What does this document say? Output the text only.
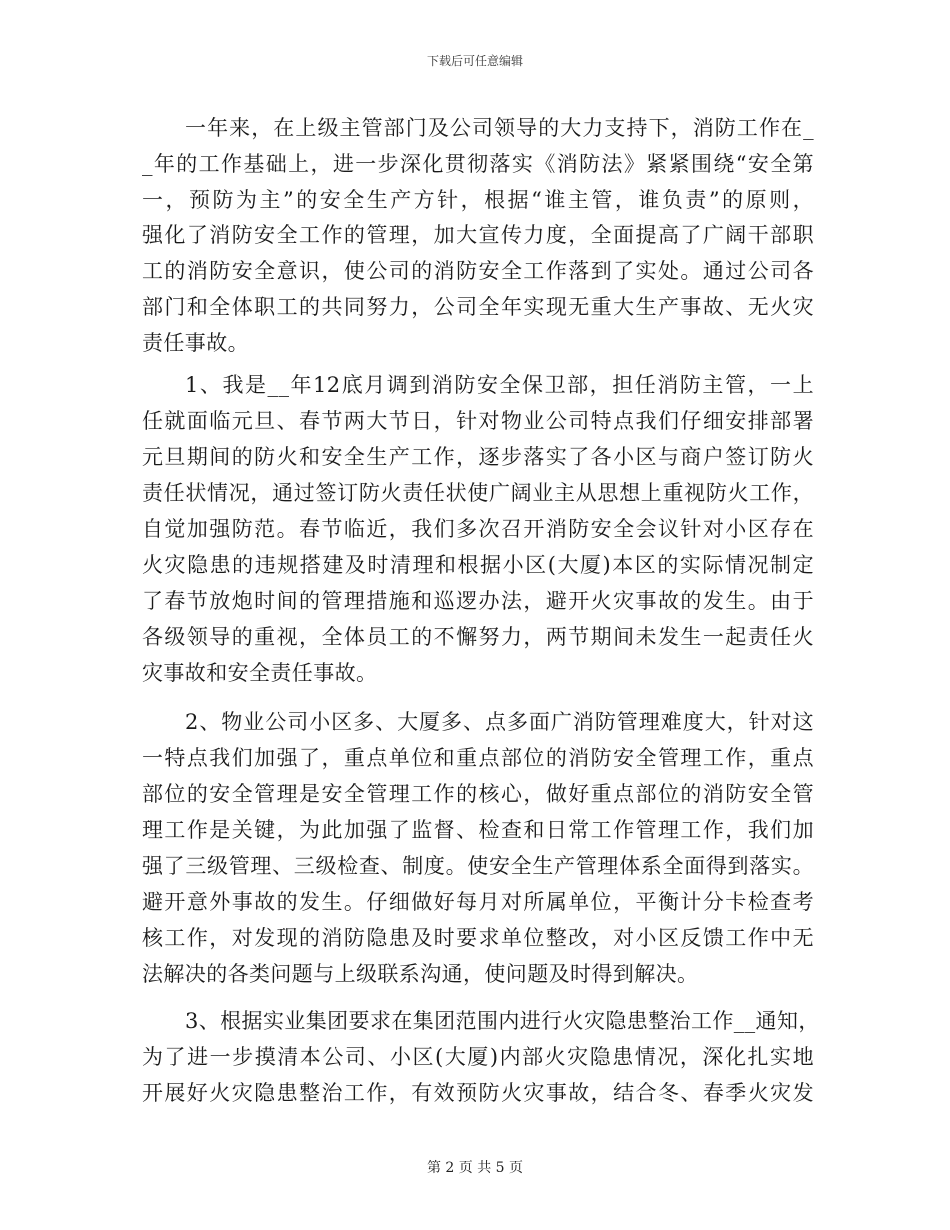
下载后可任意编辑
一年来，在上级主管部门及公司领导的大力支持下，消防工作在_
_年的工作基础上，进一步深化贯彻落实《消防法》紧紧围绕“安全第
一，预防为主”的安全生产方针，根据“谁主管，谁负责”的原则，
强化了消防安全工作的管理，加大宣传力度，全面提高了广阔干部职
工的消防安全意识，使公司的消防安全工作落到了实处。通过公司各
部门和全体职工的共同努力，公司全年实现无重大生产事故、无火灾
责任事故。
1、我是__年12底月调到消防安全保卫部，担任消防主管，一上
任就面临元旦、春节两大节日，针对物业公司特点我们仔细安排部署
元旦期间的防火和安全生产工作，逐步落实了各小区与商户签订防火
责任状情况，通过签订防火责任状使广阔业主从思想上重视防火工作，
自觉加强防范。春节临近，我们多次召开消防安全会议针对小区存在
火灾隐患的违规搭建及时清理和根据小区(大厦)本区的实际情况制定
了春节放炮时间的管理措施和巡逻办法，避开火灾事故的发生。由于
各级领导的重视，全体员工的不懈努力，两节期间未发生一起责任火
灾事故和安全责任事故。
2、物业公司小区多、大厦多、点多面广消防管理难度大，针对这
一特点我们加强了，重点单位和重点部位的消防安全管理工作，重点
部位的安全管理是安全管理工作的核心，做好重点部位的消防安全管
理工作是关键，为此加强了监督、检查和日常工作管理工作，我们加
强了三级管理、三级检查、制度。使安全生产管理体系全面得到落实。
避开意外事故的发生。仔细做好每月对所属单位，平衡计分卡检查考
核工作，对发现的消防隐患及时要求单位整改，对小区反馈工作中无
法解决的各类问题与上级联系沟通，使问题及时得到解决。
3、根据实业集团要求在集团范围内进行火灾隐患整治工作__通知，
为了进一步摸清本公司、小区(大厦)内部火灾隐患情况，深化扎实地
开展好火灾隐患整治工作，有效预防火灾事故，结合冬、春季火灾发
第 2 页 共 5 页
